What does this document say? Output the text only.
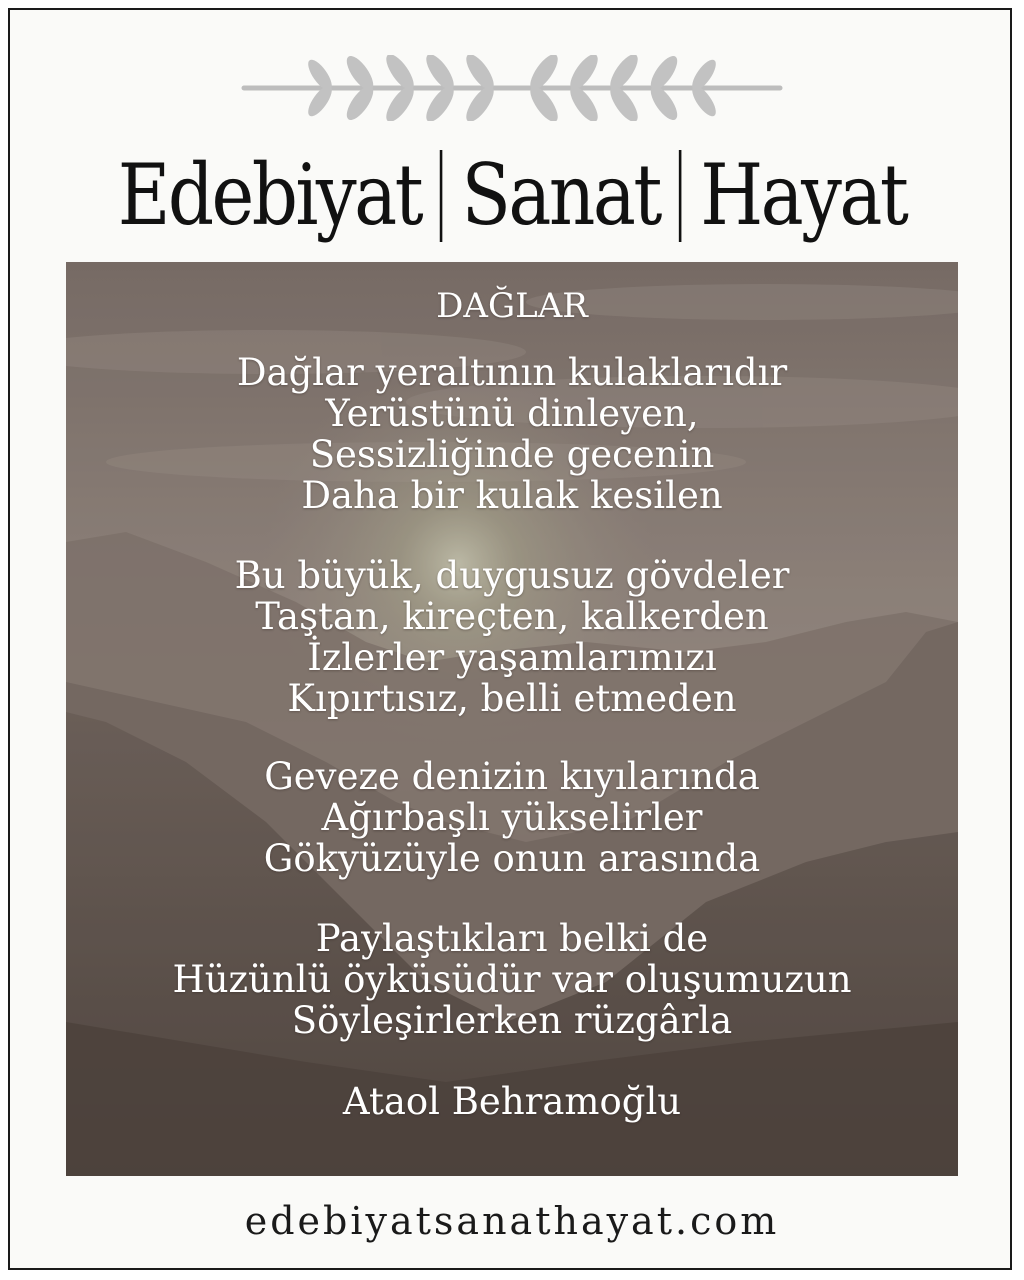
Edebiyat Sanat Hayat
DAĞLAR
Dağlar yeraltının kulaklarıdır
Yerüstünü dinleyen,
Sessizliğinde gecenin
Daha bir kulak kesilen
Bu büyük, duygusuz gövdeler
Taştan, kireçten, kalkerden
İzlerler yaşamlarımızı
Kıpırtısız, belli etmeden
Geveze denizin kıyılarında
Ağırbaşlı yükselirler
Gökyüzüyle onun arasında
Paylaştıkları belki de
Hüzünlü öyküsüdür var oluşumuzun
Söyleşirlerken rüzgârla
Ataol Behramoğlu
edebiyatsanathayat.com
